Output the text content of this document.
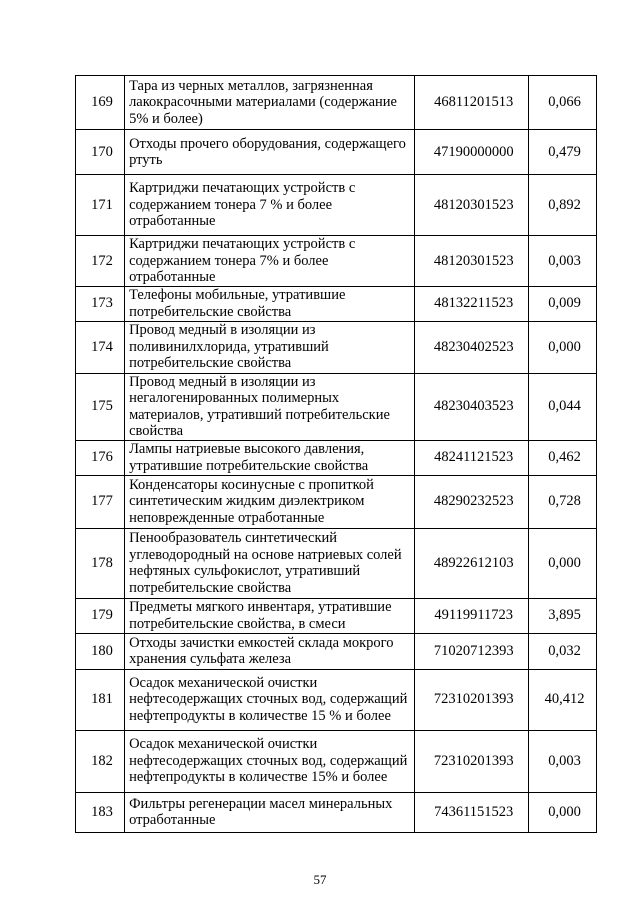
169	Тара из черных металлов, загрязненная лакокрасочными материалами (содержание 5% и более)	46811201513	0,066
170	Отходы прочего оборудования, содержащего ртуть	47190000000	0,479
171	Картриджи печатающих устройств с содержанием тонера 7 % и более отработанные	48120301523	0,892
172	Картриджи печатающих устройств с содержанием тонера 7% и более отработанные	48120301523	0,003
173	Телефоны мобильные, утратившие потребительские свойства	48132211523	0,009
174	Провод медный в изоляции из поливинилхлорида, утративший потребительские свойства	48230402523	0,000
175	Провод медный в изоляции из негалогенированных полимерных материалов, утративший потребительские свойства	48230403523	0,044
176	Лампы натриевые высокого давления, утратившие потребительские свойства	48241121523	0,462
177	Конденсаторы косинусные с пропиткой синтетическим жидким диэлектриком неповрежденные отработанные	48290232523	0,728
178	Пенообразователь синтетический углеводородный на основе натриевых солей нефтяных сульфокислот, утративший потребительские свойства	48922612103	0,000
179	Предметы мягкого инвентаря, утратившие потребительские свойства, в смеси	49119911723	3,895
180	Отходы зачистки емкостей склада мокрого хранения сульфата железа	71020712393	0,032
181	Осадок механической очистки нефтесодержащих сточных вод, содержащий нефтепродукты в количестве 15 % и более	72310201393	40,412
182	Осадок механической очистки нефтесодержащих сточных вод, содержащий нефтепродукты в количестве 15% и более	72310201393	0,003
183	Фильтры регенерации масел минеральных отработанные	74361151523	0,000
57
